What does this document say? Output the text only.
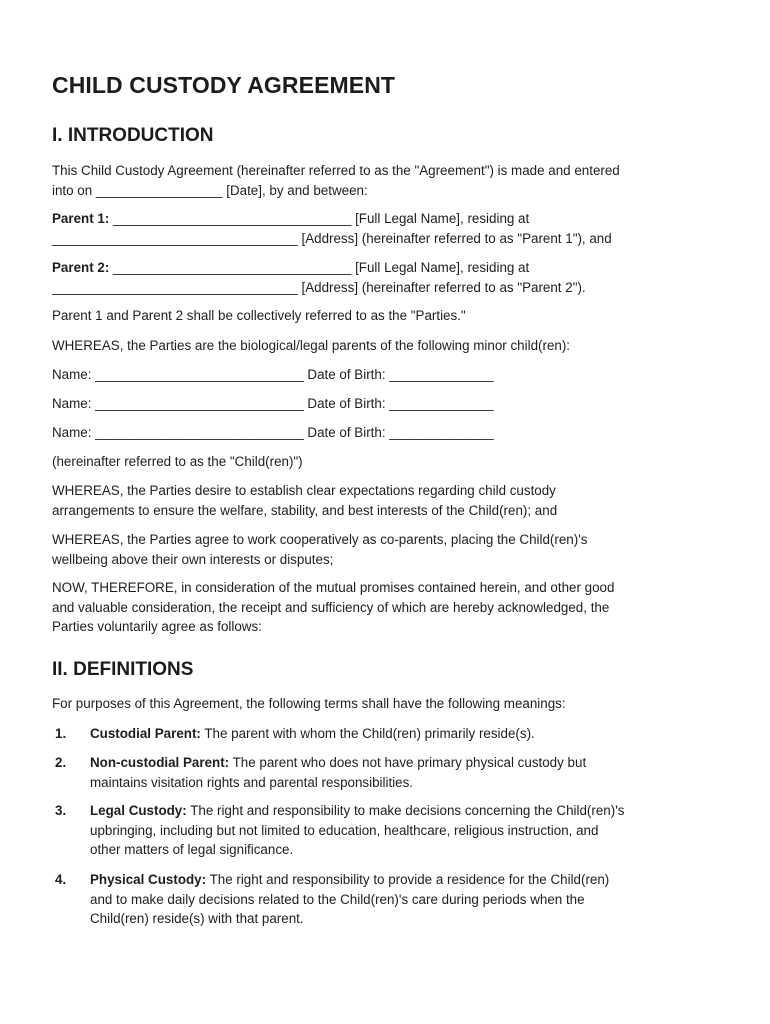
CHILD CUSTODY AGREEMENT
I. INTRODUCTION

This Child Custody Agreement (hereinafter referred to as the "Agreement") is made and entered
into on _________________ [Date], by and between:

Parent 1: ________________________________ [Full Legal Name], residing at
_________________________________ [Address] (hereinafter referred to as "Parent 1"), and

Parent 2: ________________________________ [Full Legal Name], residing at
_________________________________ [Address] (hereinafter referred to as "Parent 2").

Parent 1 and Parent 2 shall be collectively referred to as the "Parties."

WHEREAS, the Parties are the biological/legal parents of the following minor child(ren):

Name: ____________________________ Date of Birth: ______________

Name: ____________________________ Date of Birth: ______________

Name: ____________________________ Date of Birth: ______________

(hereinafter referred to as the "Child(ren)")

WHEREAS, the Parties desire to establish clear expectations regarding child custody
arrangements to ensure the welfare, stability, and best interests of the Child(ren); and

WHEREAS, the Parties agree to work cooperatively as co-parents, placing the Child(ren)'s
wellbeing above their own interests or disputes;

NOW, THEREFORE, in consideration of the mutual promises contained herein, and other good
and valuable consideration, the receipt and sufficiency of which are hereby acknowledged, the
Parties voluntarily agree as follows:

II. DEFINITIONS

For purposes of this Agreement, the following terms shall have the following meanings:

1. Custodial Parent: The parent with whom the Child(ren) primarily reside(s).
2. Non-custodial Parent: The parent who does not have primary physical custody but
maintains visitation rights and parental responsibilities.
3. Legal Custody: The right and responsibility to make decisions concerning the Child(ren)'s
upbringing, including but not limited to education, healthcare, religious instruction, and
other matters of legal significance.
4. Physical Custody: The right and responsibility to provide a residence for the Child(ren)
and to make daily decisions related to the Child(ren)'s care during periods when the
Child(ren) reside(s) with that parent.
